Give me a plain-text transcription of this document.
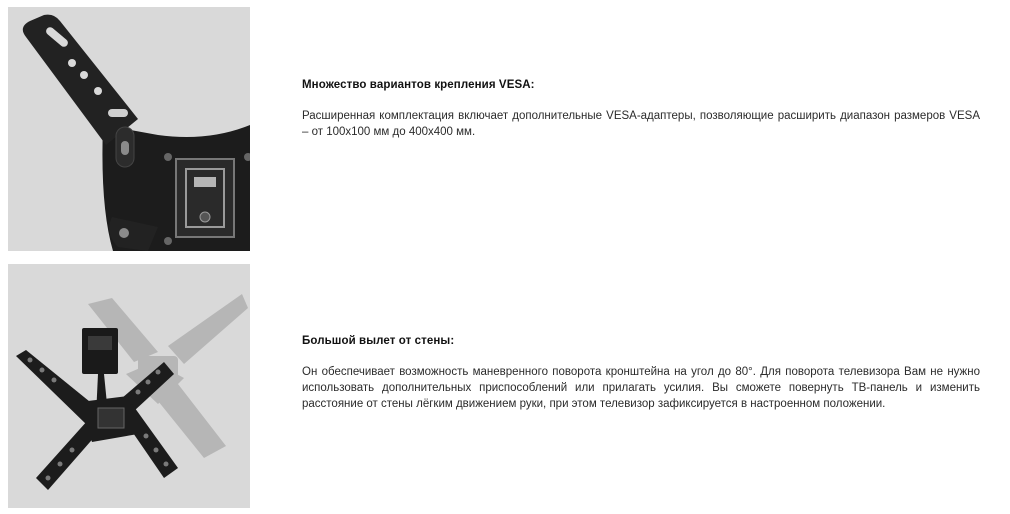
Множество вариантов крепления VESA:

Расширенная комплектация включает дополнительные VESA-адаптеры, позволяющие расширить диапазон размеров VESA – от 100x100 мм до 400x400 мм.

Большой вылет от стены:

Он обеспечивает возможность маневренного поворота кронштейна на угол до 80°. Для поворота телевизора Вам не нужно использовать дополнительных приспособлений или прилагать усилия. Вы сможете повернуть ТВ-панель и изменить расстояние от стены лёгким движением руки, при этом телевизор зафиксируется в настроенном положении.
